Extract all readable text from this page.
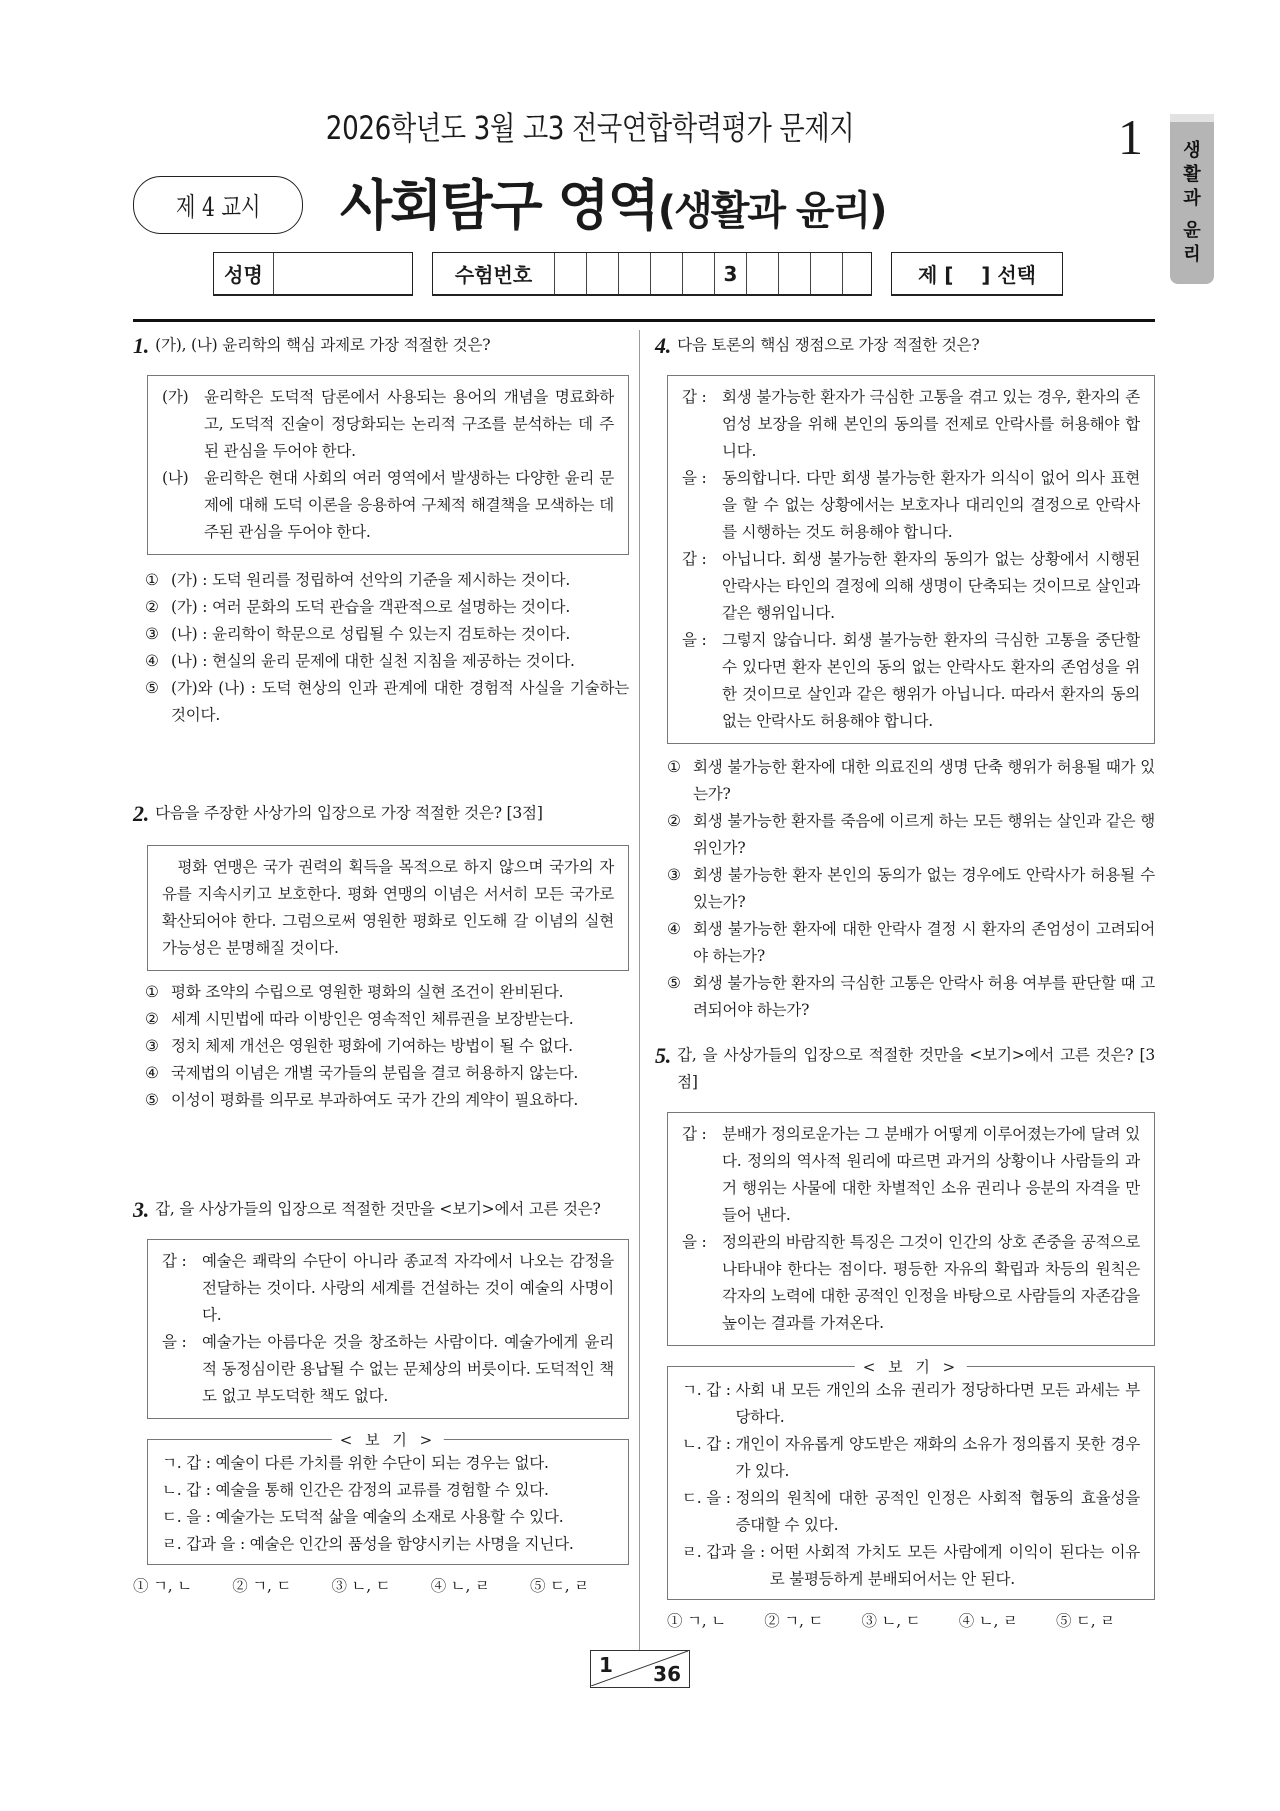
2026학년도 3월 고3 전국연합학력평가 문제지	1 생
활
과
윤
리
제 4 교시 사회탐구 영역(생활과 윤리)
성명	수험번호	3	제 [    ] 선택
1. (가), (나) 윤리학의 핵심 과제로 가장 적절한 것은?
(가)	윤리학은 도덕적 담론에서 사용되는 용어의 개념을 명료화하고, 도덕적 진술이 정당화되는 논리적 구조를 분석하는 데 주된 관심을 두어야 한다.
(나)	윤리학은 현대 사회의 여러 영역에서 발생하는 다양한 윤리 문제에 대해 도덕 이론을 응용하여 구체적 해결책을 모색하는 데 주된 관심을 두어야 한다.
① (가) : 도덕 원리를 정립하여 선악의 기준을 제시하는 것이다.
② (가) : 여러 문화의 도덕 관습을 객관적으로 설명하는 것이다.
③ (나) : 윤리학이 학문으로 성립될 수 있는지 검토하는 것이다.
④ (나) : 현실의 윤리 문제에 대한 실천 지침을 제공하는 것이다.
⑤ (가)와 (나) : 도덕 현상의 인과 관계에 대한 경험적 사실을 기술하는 것이다.
2. 다음을 주장한 사상가의 입장으로 가장 적절한 것은? [3점]
평화 연맹은 국가 권력의 획득을 목적으로 하지 않으며 국가의 자유를 지속시키고 보호한다. 평화 연맹의 이념은 서서히 모든 국가로 확산되어야 한다. 그럼으로써 영원한 평화로 인도해 갈 이념의 실현 가능성은 분명해질 것이다.
① 평화 조약의 수립으로 영원한 평화의 실현 조건이 완비된다.
② 세계 시민법에 따라 이방인은 영속적인 체류권을 보장받는다.
③ 정치 체제 개선은 영원한 평화에 기여하는 방법이 될 수 없다.
④ 국제법의 이념은 개별 국가들의 분립을 결코 허용하지 않는다.
⑤ 이성이 평화를 의무로 부과하여도 국가 간의 계약이 필요하다.
3. 갑, 을 사상가들의 입장으로 적절한 것만을 <보기>에서 고른 것은?
갑 : 예술은 쾌락의 수단이 아니라 종교적 자각에서 나오는 감정을 전달하는 것이다. 사랑의 세계를 건설하는 것이 예술의 사명이다.
을 : 예술가는 아름다운 것을 창조하는 사람이다. 예술가에게 윤리적 동정심이란 용납될 수 없는 문체상의 버릇이다. 도덕적인 책도 없고 부도덕한 책도 없다.
< 보 기 >
ㄱ. 갑 :
예술이 다른 가치를 위한 수단이 되는 경우는 없다.
ㄴ. 갑 :
예술을 통해 인간은 감정의 교류를 경험할 수 있다.
ㄷ. 을 :
예술가는 도덕적 삶을 예술의 소재로 사용할 수 있다.
ㄹ. 갑과 을 :
예술은 인간의 품성을 함양시키는 사명을 지닌다.
① ㄱ, ㄴ	② ㄱ, ㄷ	③ ㄴ, ㄷ	④ ㄴ, ㄹ	⑤ ㄷ, ㄹ
4. 다음 토론의 핵심 쟁점으로 가장 적절한 것은?
갑 : 회생 불가능한 환자가 극심한 고통을 겪고 있는 경우, 환자의 존엄성 보장을 위해 본인의 동의를 전제로 안락사를 허용해야 합니다.
을 : 동의합니다. 다만 회생 불가능한 환자가 의식이 없어 의사 표현을 할 수 없는 상황에서는 보호자나 대리인의 결정으로 안락사를 시행하는 것도 허용해야 합니다.
갑 : 아닙니다. 회생 불가능한 환자의 동의가 없는 상황에서 시행된 안락사는 타인의 결정에 의해 생명이 단축되는 것이므로 살인과 같은 행위입니다.
을 : 그렇지 않습니다. 회생 불가능한 환자의 극심한 고통을 중단할 수 있다면 환자 본인의 동의 없는 안락사도 환자의 존엄성을 위한 것이므로 살인과 같은 행위가 아닙니다. 따라서 환자의 동의 없는 안락사도 허용해야 합니다.
① 회생 불가능한 환자에 대한 의료진의 생명 단축 행위가 허용될 때가 있는가?
② 회생 불가능한 환자를 죽음에 이르게 하는 모든 행위는 살인과 같은 행위인가?
③ 회생 불가능한 환자 본인의 동의가 없는 경우에도 안락사가 허용될 수 있는가?
④ 회생 불가능한 환자에 대한 안락사 결정 시 환자의 존엄성이 고려되어야 하는가?
⑤ 회생 불가능한 환자의 극심한 고통은 안락사 허용 여부를 판단할 때 고려되어야 하는가?
5. 갑, 을 사상가들의 입장으로 적절한 것만을 <보기>에서 고른 것은? [3점]
갑 : 분배가 정의로운가는 그 분배가 어떻게 이루어졌는가에 달려 있다. 정의의 역사적 원리에 따르면 과거의 상황이나 사람들의 과거 행위는 사물에 대한 차별적인 소유 권리나 응분의 자격을 만들어 낸다.
을 : 정의관의 바람직한 특징은 그것이 인간의 상호 존중을 공적으로 나타내야 한다는 점이다. 평등한 자유의 확립과 차등의 원칙은 각자의 노력에 대한 공적인 인정을 바탕으로 사람들의 자존감을 높이는 결과를 가져온다.
< 보 기 >
ㄱ. 갑 :
사회 내 모든 개인의 소유 권리가 정당하다면 모든 과세는 부당하다.
ㄴ. 갑 :
개인이 자유롭게 양도받은 재화의 소유가 정의롭지 못한 경우가 있다.
ㄷ. 을 :
정의의 원칙에 대한 공적인 인정은 사회적 협동의 효율성을 증대할 수 있다.
ㄹ. 갑과 을 :
어떤 사회적 가치도 모든 사람에게 이익이 된다는 이유로 불평등하게 분배되어서는 안 된다.
① ㄱ, ㄴ ② ㄱ, ㄷ ③ ㄴ, ㄷ ④ ㄴ, ㄹ ⑤ ㄷ, ㄹ
1 36
